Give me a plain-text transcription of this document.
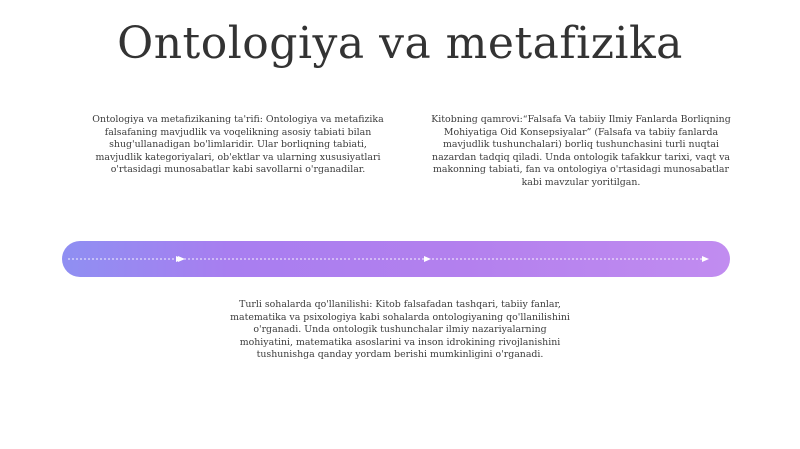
Ontologiya va metafizika

Ontologiya va metafizikaning ta'rifi: Ontologiya va metafizika falsafaning mavjudlik va voqelikning asosiy tabiati bilan shug'ullanadigan bo'limlaridir. Ular borliqning tabiati, mavjudlik kategoriyalari, ob'ektlar va ularning xususiyatlari o'rtasidagi munosabatlar kabi savollarni o'rganadilar.

Kitobning qamrovi:“Falsafa Va tabiiy Ilmiy Fanlarda Borliqning Mohiyatiga Oid Konsepsiyalar” (Falsafa va tabiiy fanlarda mavjudlik tushunchalari) borliq tushunchasini turli nuqtai nazardan tadqiq qiladi. Unda ontologik tafakkur tarixi, vaqt va makonning tabiati, fan va ontologiya o'rtasidagi munosabatlar kabi mavzular yoritilgan.

Turli sohalarda qo'llanilishi: Kitob falsafadan tashqari, tabiiy fanlar, matematika va psixologiya kabi sohalarda ontologiyaning qo'llanilishini o'rganadi. Unda ontologik tushunchalar ilmiy nazariyalarning mohiyatini, matematika asoslarini va inson idrokining rivojlanishini tushunishga qanday yordam berishi mumkinligini o'rganadi.
